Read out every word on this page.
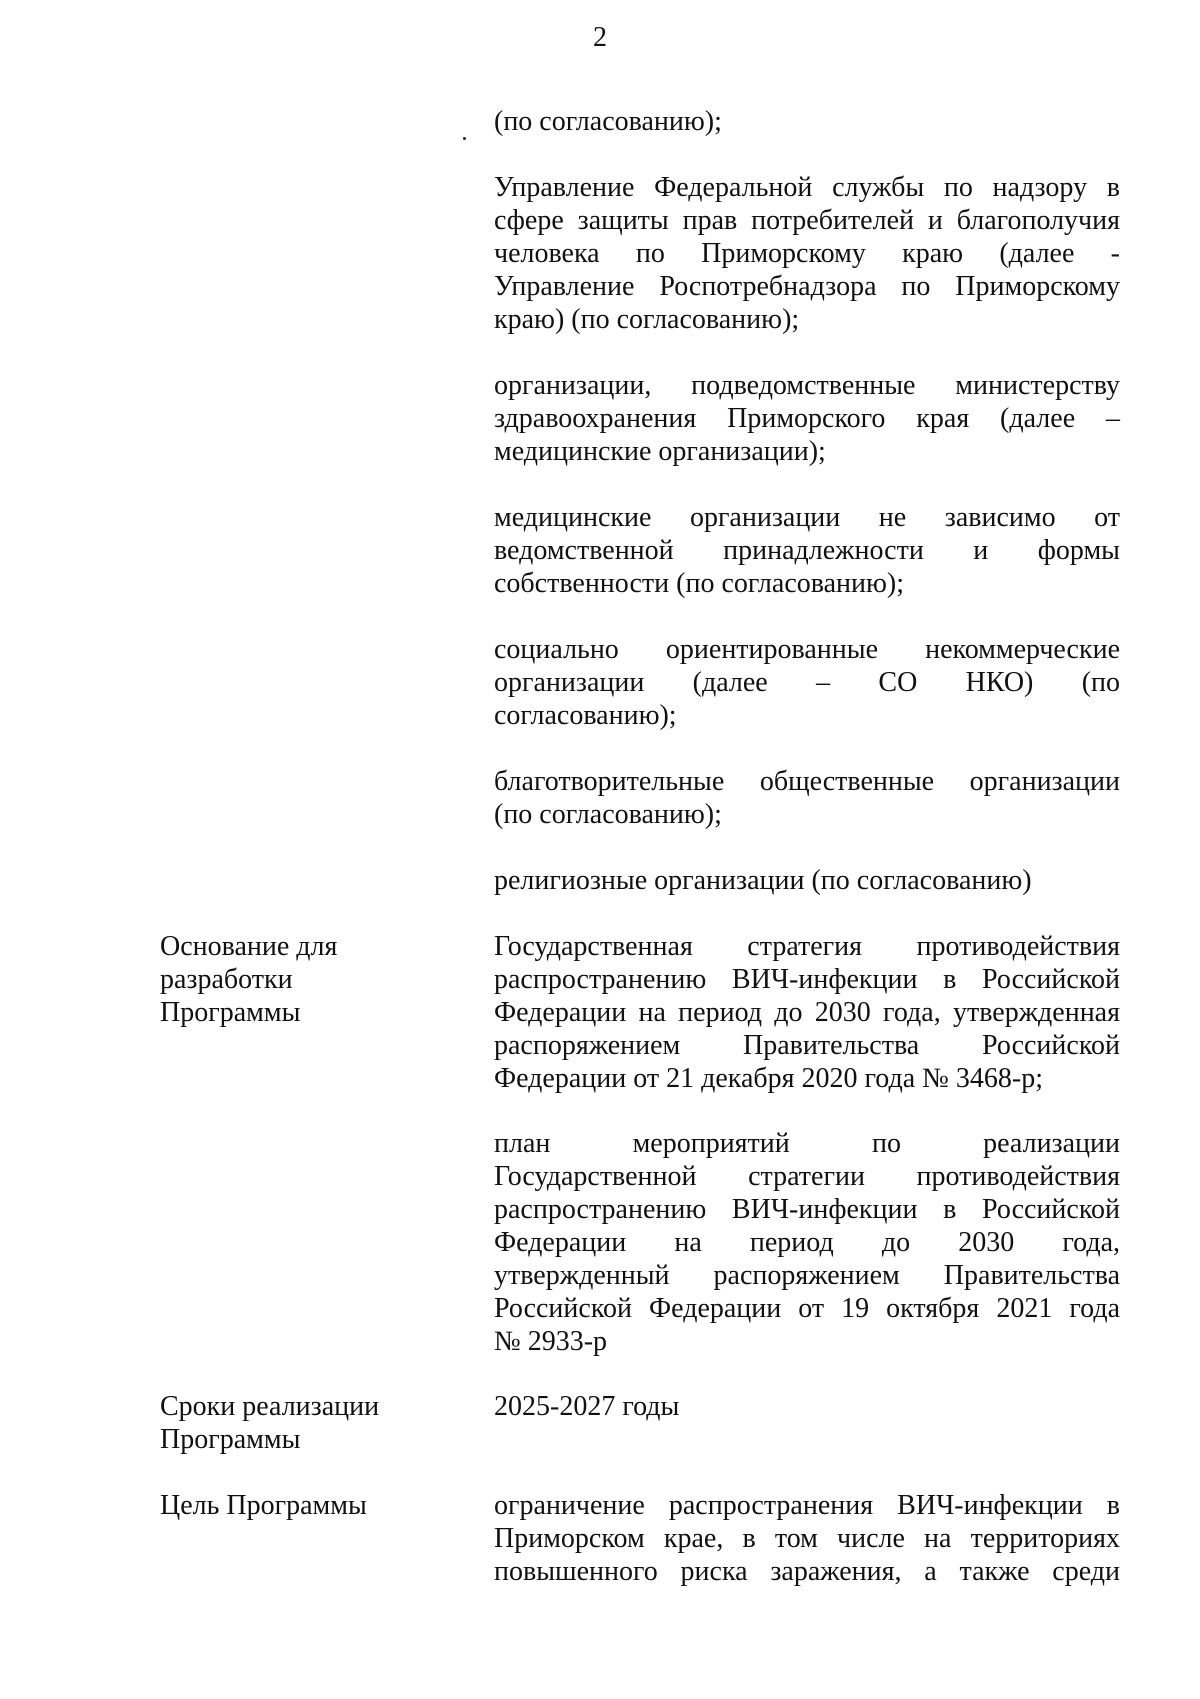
2

(по согласованию);

Управление Федеральной службы по надзору в

сфере защиты прав потребителей и благополучия

человека по Приморскому краю (далее -

Управление Роспотребнадзора по Приморскому

краю) (по согласованию);

организации, подведомственные министерству

здравоохранения Приморского края (далее –

медицинские организации);

медицинские организации не зависимо от

ведомственной принадлежности и формы

собственности (по согласованию);

социально ориентированные некоммерческие

организации (далее – СО НКО) (по

согласованию);

благотворительные общественные организации

(по согласованию);

религиозные организации (по согласованию)

Основание для

разработки

Программы

Государственная стратегия противодействия

распространению ВИЧ-инфекции в Российской

Федерации на период до 2030 года, утвержденная

распоряжением Правительства Российской

Федерации от 21 декабря 2020 года № 3468-р;

план мероприятий по реализации

Государственной стратегии противодействия

распространению ВИЧ-инфекции в Российской

Федерации на период до 2030 года,

утвержденный распоряжением Правительства

Российской Федерации от 19 октября 2021 года

№ 2933-р

Сроки реализации

Программы

2025-2027 годы

Цель Программы	ограничение распространения ВИЧ-инфекции в

Приморском крае, в том числе на территориях

повышенного риска заражения, а также среди
